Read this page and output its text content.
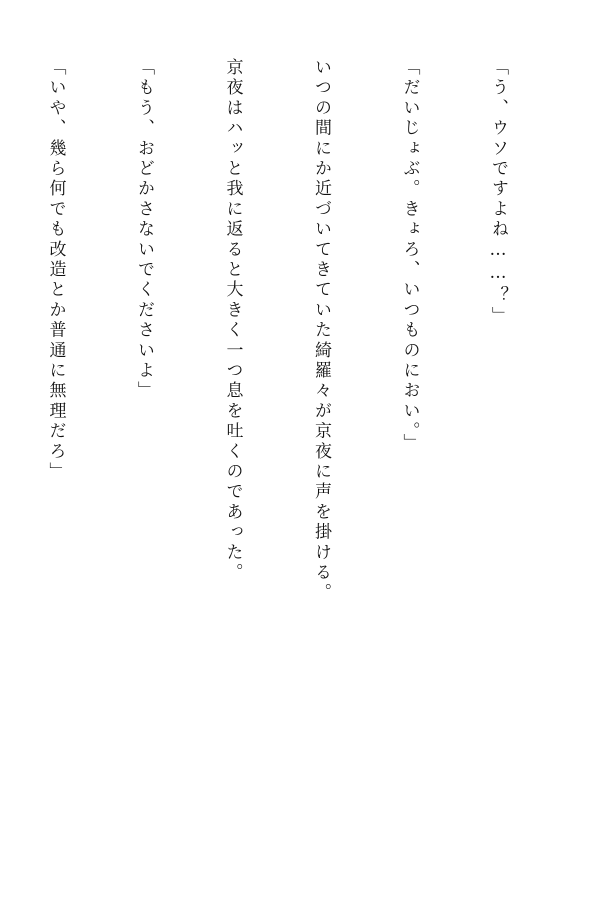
「う、ウソですよね……？」

「だいじょぶ。きょろ、いつものにおい。」

いつの間にか近づいてきていた綺羅々が京夜に声を掛ける。

京夜はハッと我に返ると大きく一つ息を吐くのであった。

「もう、おどかさないでくださいよ」

「いや、幾ら何でも改造とか普通に無理だろ」
